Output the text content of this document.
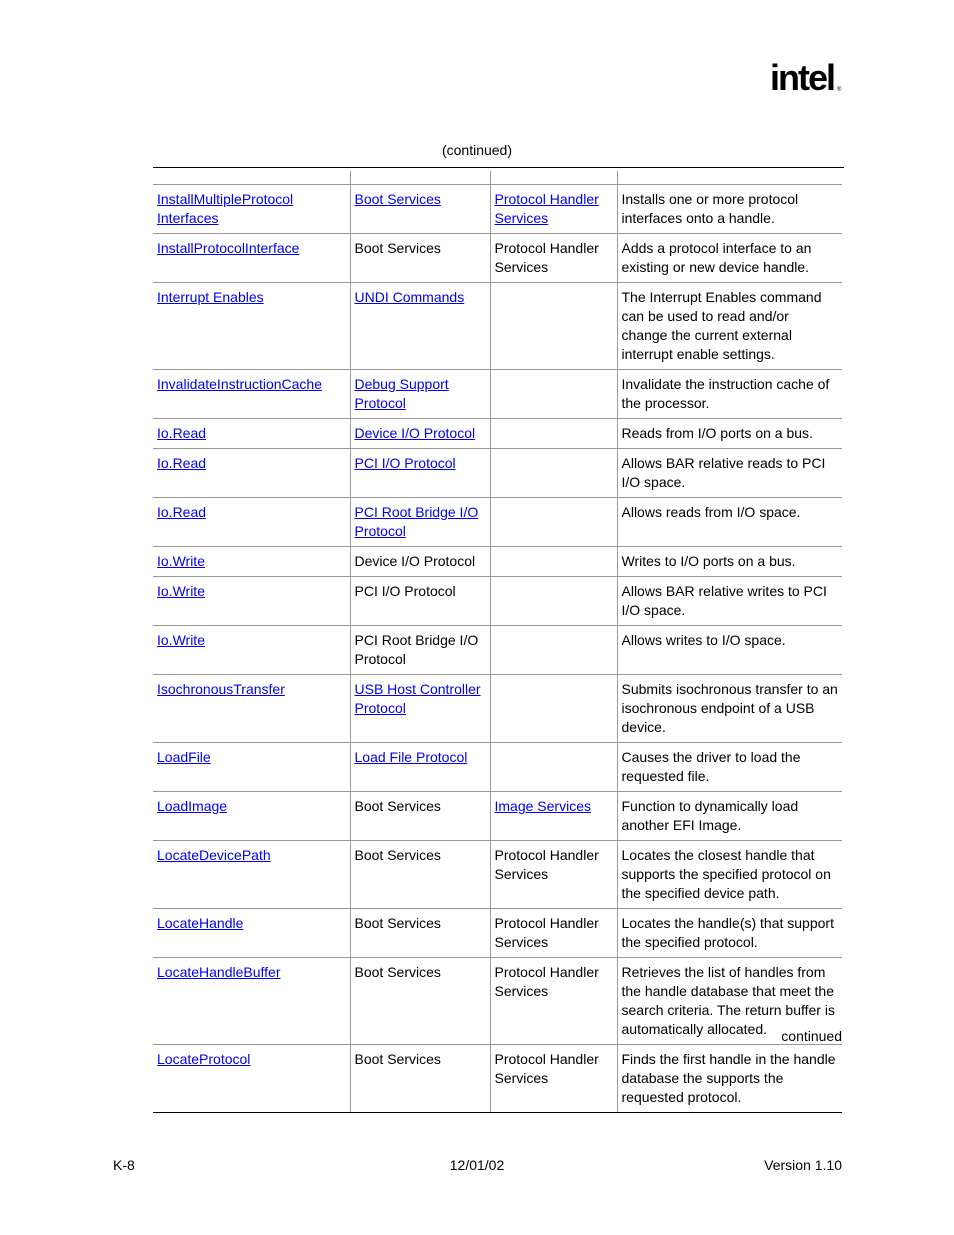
intel ®
(continued)

InstallMultipleProtocol Interfaces	Boot Services	Protocol Handler Services	Installs one or more protocol interfaces onto a handle.
InstallProtocolInterface	Boot Services	Protocol Handler Services	Adds a protocol interface to an existing or new device handle.
Interrupt Enables	UNDI Commands		The Interrupt Enables command can be used to read and/or change the current external interrupt enable settings.
InvalidateInstructionCache	Debug Support Protocol		Invalidate the instruction cache of the processor.
Io.Read	Device I/O Protocol		Reads from I/O ports on a bus.
Io.Read	PCI I/O Protocol		Allows BAR relative reads to PCI I/O space.
Io.Read	PCI Root Bridge I/O Protocol		Allows reads from I/O space.
Io.Write	Device I/O Protocol		Writes to I/O ports on a bus.
Io.Write	PCI I/O Protocol		Allows BAR relative writes to PCI I/O space.
Io.Write	PCI Root Bridge I/O Protocol		Allows writes to I/O space.
IsochronousTransfer	USB Host Controller Protocol		Submits isochronous transfer to an isochronous endpoint of a USB device.
LoadFile	Load File Protocol		Causes the driver to load the requested file.
LoadImage	Boot Services	Image Services	Function to dynamically load another EFI Image.
LocateDevicePath	Boot Services	Protocol Handler Services	Locates the closest handle that supports the specified protocol on the specified device path.
LocateHandle	Boot Services	Protocol Handler Services	Locates the handle(s) that support the specified protocol.
LocateHandleBuffer	Boot Services	Protocol Handler Services	Retrieves the list of handles from the handle database that meet the search criteria. The return buffer is automatically allocated.
LocateProtocol	Boot Services	Protocol Handler Services	Finds the first handle in the handle database the supports the requested protocol.
continued
K-8	12/01/02	Version 1.10
